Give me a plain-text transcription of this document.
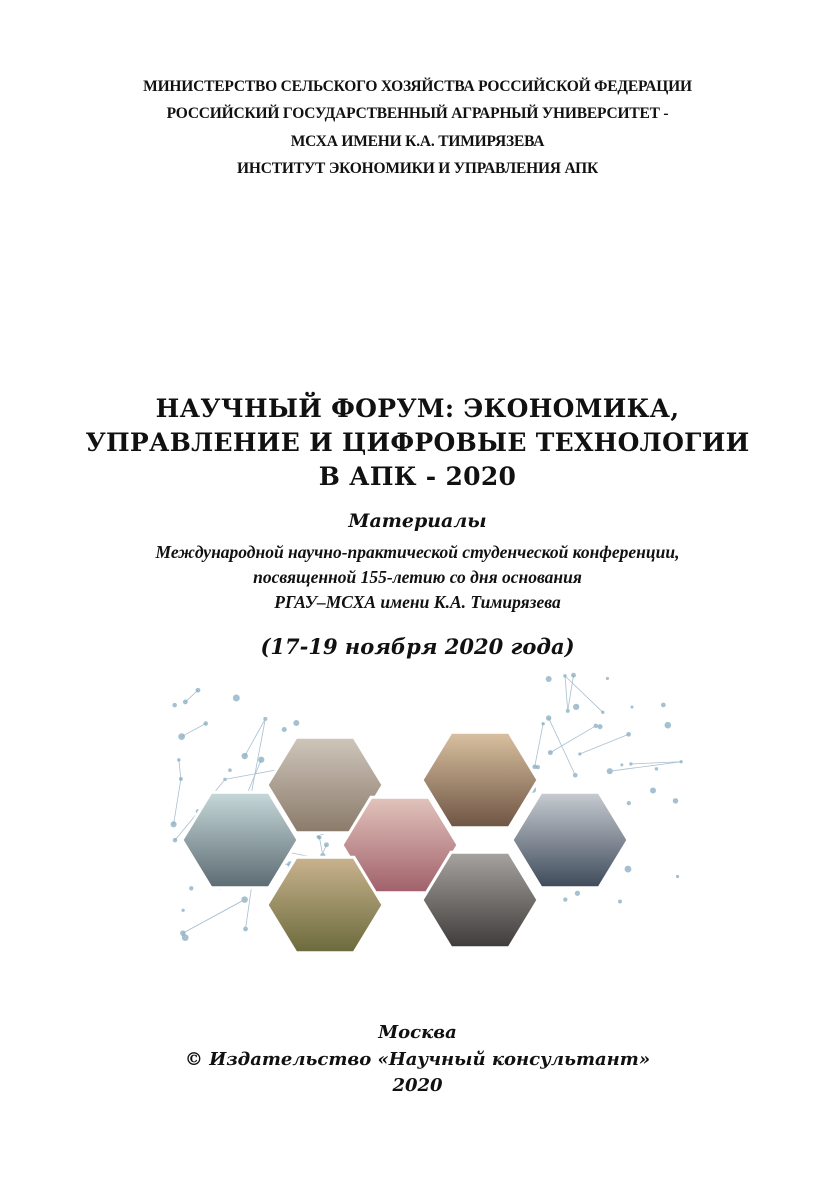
МИНИСТЕРСТВО СЕЛЬСКОГО ХОЗЯЙСТВА РОССИЙСКОЙ ФЕДЕРАЦИИ
РОССИЙСКИЙ ГОСУДАРСТВЕННЫЙ АГРАРНЫЙ УНИВЕРСИТЕТ -
МСХА ИМЕНИ К.А. ТИМИРЯЗЕВА
ИНСТИТУТ ЭКОНОМИКИ И УПРАВЛЕНИЯ АПК
НАУЧНЫЙ ФОРУМ: ЭКОНОМИКА,
УПРАВЛЕНИЕ И ЦИФРОВЫЕ ТЕХНОЛОГИИ
В АПК - 2020
Материалы
Международной научно-практической студенческой конференции,
посвященной 155-летию со дня основания
РГАУ–МСХА имени К.А. Тимирязева
(17-19 ноября 2020 года)
Москва
© Издательство «Научный консультант»
2020
